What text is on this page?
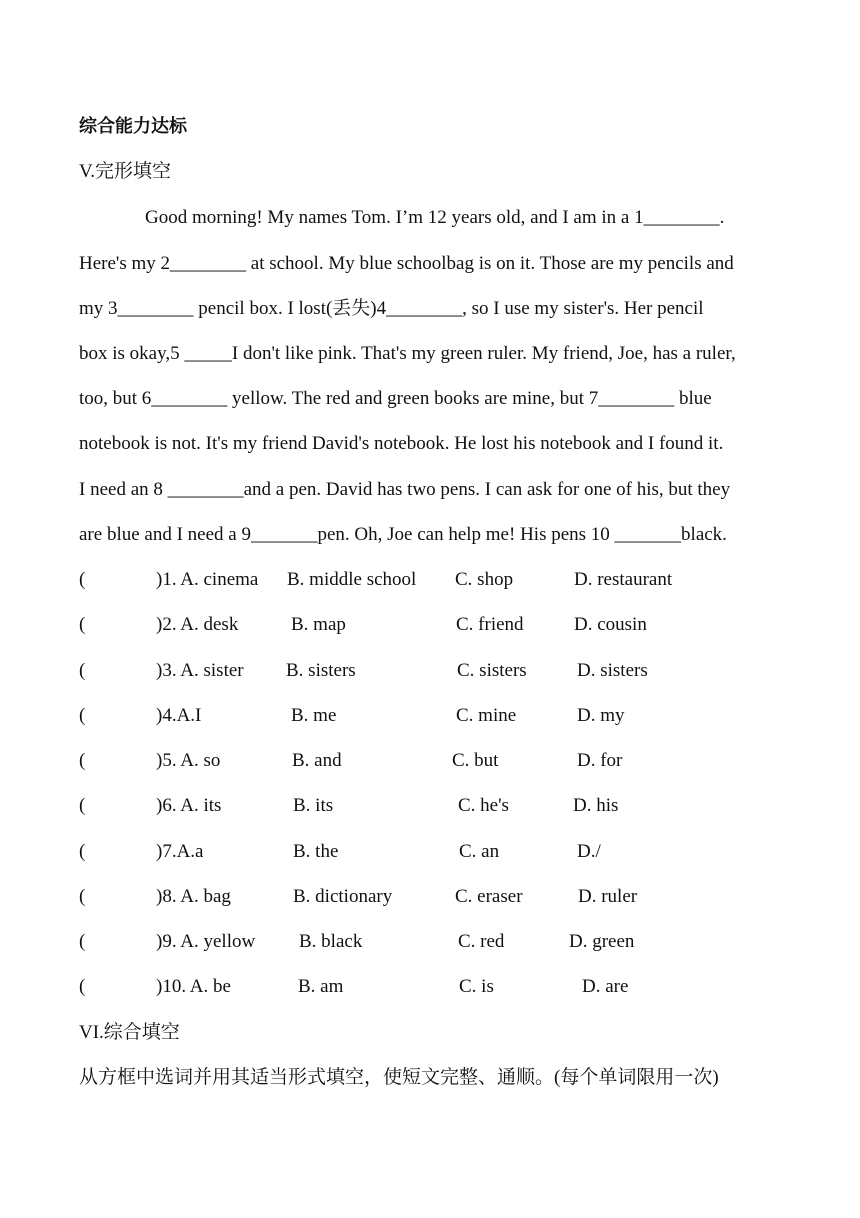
综合能力达标
V.完形填空
Good morning! My names Tom. I’m 12 years old, and I am in a 1________.
Here's my 2________ at school. My blue schoolbag is on it. Those are my pencils and
my 3________ pencil box. I lost(丢失)4________, so I use my sister's. Her pencil
box is okay,5 _____I don't like pink. That's my green ruler. My friend, Joe, has a ruler,
too, but 6________ yellow. The red and green books are mine, but 7________ blue
notebook is not. It's my friend David's notebook. He lost his notebook and I found it.
I need an 8 ________and a pen. David has two pens. I can ask for one of his, but they
are blue and I need a 9_______pen. Oh, Joe can help me! His pens 10 _______black.
(	)1. A. cinema B. middle school C. shop	D. restaurant
(	)2. A. desk	B. map	C. friend	D. cousin
(	)3. A. sister B. sisters	C. sisters	D. sisters
(	)4.A.I	B. me	C. mine	D. my
(	)5. A. so	B. and	C. but	D. for
(	)6. A. its	B. its	C. he's	D. his
(	)7.A.a	B. the	C. an	D./
(	)8. A. bag	B. dictionary	C. eraser	D. ruler
(	)9. A. yellow B. black	C. red	D. green
(	)10. A. be	B. am	C. is	D. are
VI.综合填空
从方框中选词并用其适当形式填空，使短文完整、通顺。(每个单词限用一次)
